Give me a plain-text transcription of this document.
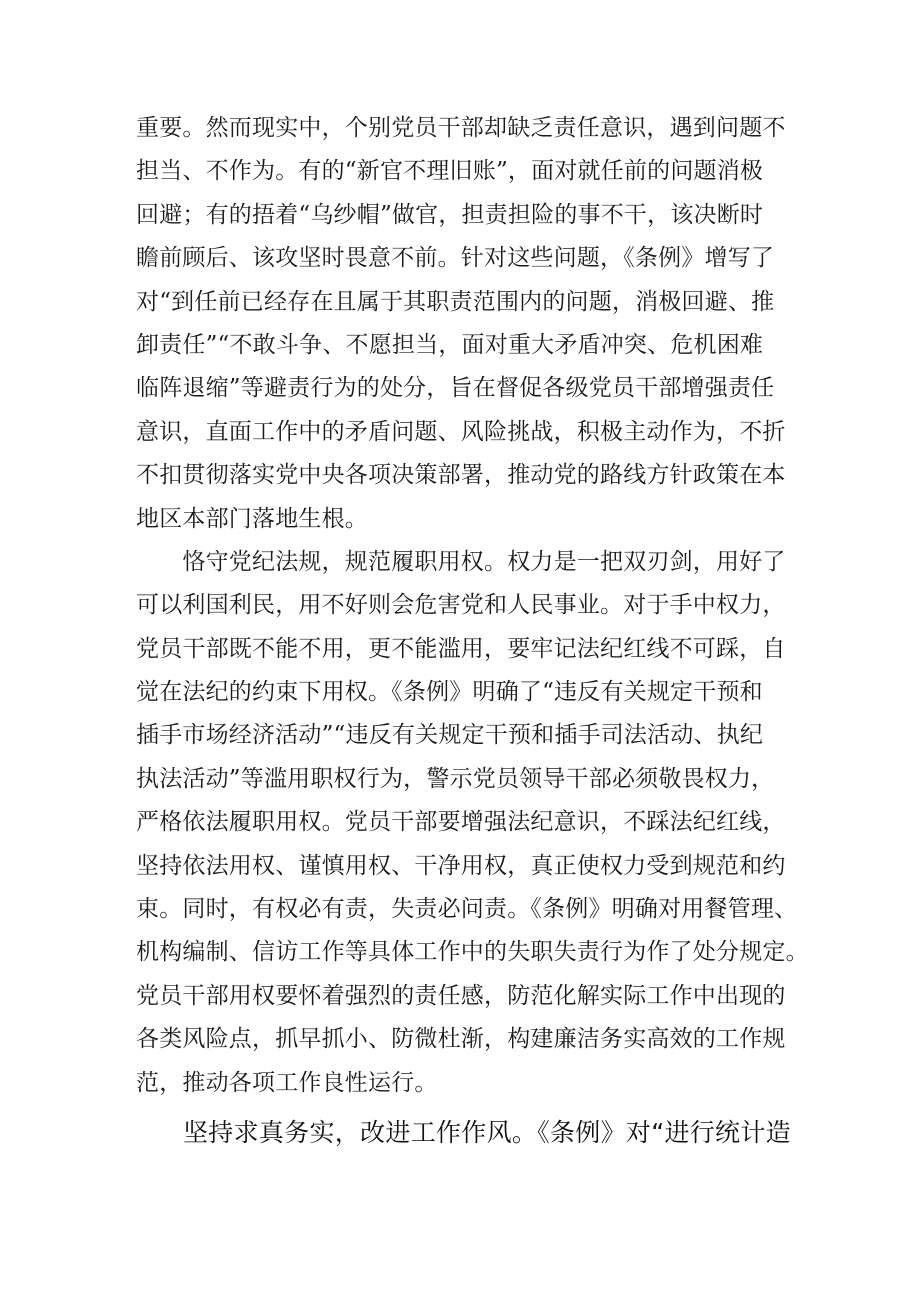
重要。然而现实中，个别党员干部却缺乏责任意识，遇到问题不
担当、不作为。有的“新官不理旧账”，面对就任前的问题消极
回避；有的捂着“乌纱帽”做官，担责担险的事不干，该决断时
瞻前顾后、该攻坚时畏意不前。针对这些问题，《条例》增写了
对“到任前已经存在且属于其职责范围内的问题，消极回避、推
卸责任”“不敢斗争、不愿担当，面对重大矛盾冲突、危机困难
临阵退缩”等避责行为的处分，旨在督促各级党员干部增强责任
意识，直面工作中的矛盾问题、风险挑战，积极主动作为，不折
不扣贯彻落实党中央各项决策部署，推动党的路线方针政策在本
地区本部门落地生根。
　　恪守党纪法规，规范履职用权。权力是一把双刃剑，用好了
可以利国利民，用不好则会危害党和人民事业。对于手中权力，
党员干部既不能不用，更不能滥用，要牢记法纪红线不可踩，自
觉在法纪的约束下用权。《条例》明确了“违反有关规定干预和
插手市场经济活动”“违反有关规定干预和插手司法活动、执纪
执法活动”等滥用职权行为，警示党员领导干部必须敬畏权力，
严格依法履职用权。党员干部要增强法纪意识，不踩法纪红线，
坚持依法用权、谨慎用权、干净用权，真正使权力受到规范和约
束。同时，有权必有责，失责必问责。《条例》明确对用餐管理、
机构编制、信访工作等具体工作中的失职失责行为作了处分规定。
党员干部用权要怀着强烈的责任感，防范化解实际工作中出现的
各类风险点，抓早抓小、防微杜渐，构建廉洁务实高效的工作规
范，推动各项工作良性运行。
坚持求真务实，改进工作作风。《条例》对“进行统计造
